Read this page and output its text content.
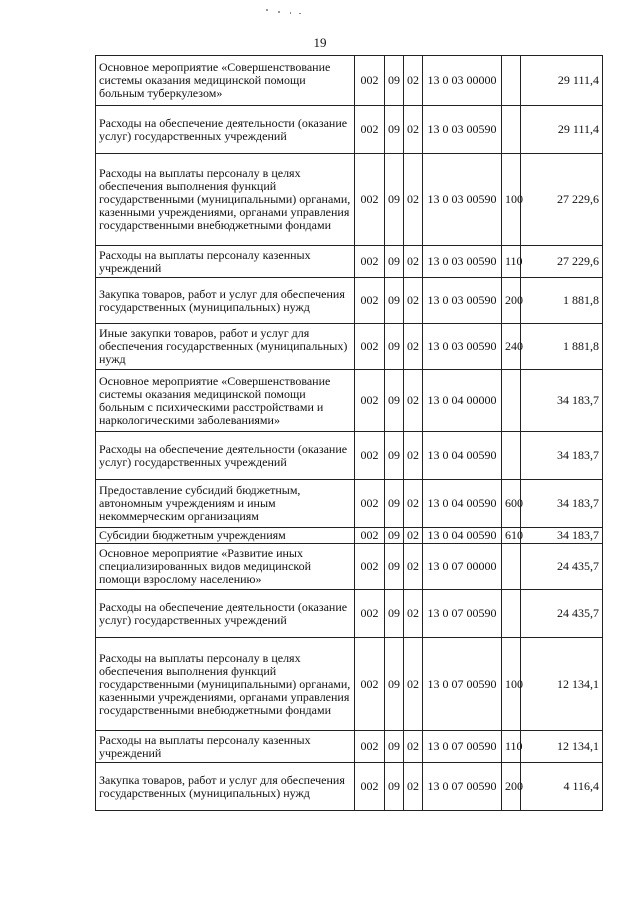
19
Основное мероприятие «Совершенствование системы оказания медицинской помощи больным туберкулезом»	002	09	02	13 0 03 00000		29 111,4
Расходы на обеспечение деятельности (оказание услуг) государственных учреждений	002	09	02	13 0 03 00590		29 111,4
Расходы на выплаты персоналу в целях обеспечения выполнения функций государственными (муниципальными) органами, казенными учреждениями, органами управления государственными внебюджетными фондами	002	09	02	13 0 03 00590	100	27 229,6
Расходы на выплаты персоналу казенных учреждений	002	09	02	13 0 03 00590	110	27 229,6
Закупка товаров, работ и услуг для обеспечения государственных (муниципальных) нужд	002	09	02	13 0 03 00590	200	1 881,8
Иные закупки товаров, работ и услуг для обеспечения государственных (муниципальных) нужд	002	09	02	13 0 03 00590	240	1 881,8
Основное мероприятие «Совершенствование системы оказания медицинской помощи больным с психическими расстройствами и наркологическими заболеваниями»	002	09	02	13 0 04 00000		34 183,7
Расходы на обеспечение деятельности (оказание услуг) государственных учреждений	002	09	02	13 0 04 00590		34 183,7
Предоставление субсидий бюджетным, автономным учреждениям и иным некоммерческим организациям	002	09	02	13 0 04 00590	600	34 183,7
Субсидии бюджетным учреждениям	002	09	02	13 0 04 00590	610	34 183,7
Основное мероприятие «Развитие иных специализированных видов медицинской помощи взрослому населению»	002	09	02	13 0 07 00000		24 435,7
Расходы на обеспечение деятельности (оказание услуг) государственных учреждений	002	09	02	13 0 07 00590		24 435,7
Расходы на выплаты персоналу в целях обеспечения выполнения функций государственными (муниципальными) органами, казенными учреждениями, органами управления государственными внебюджетными фондами	002	09	02	13 0 07 00590	100	12 134,1
Расходы на выплаты персоналу казенных учреждений	002	09	02	13 0 07 00590	110	12 134,1
Закупка товаров, работ и услуг для обеспечения государственных (муниципальных) нужд	002	09	02	13 0 07 00590	200	4 116,4
